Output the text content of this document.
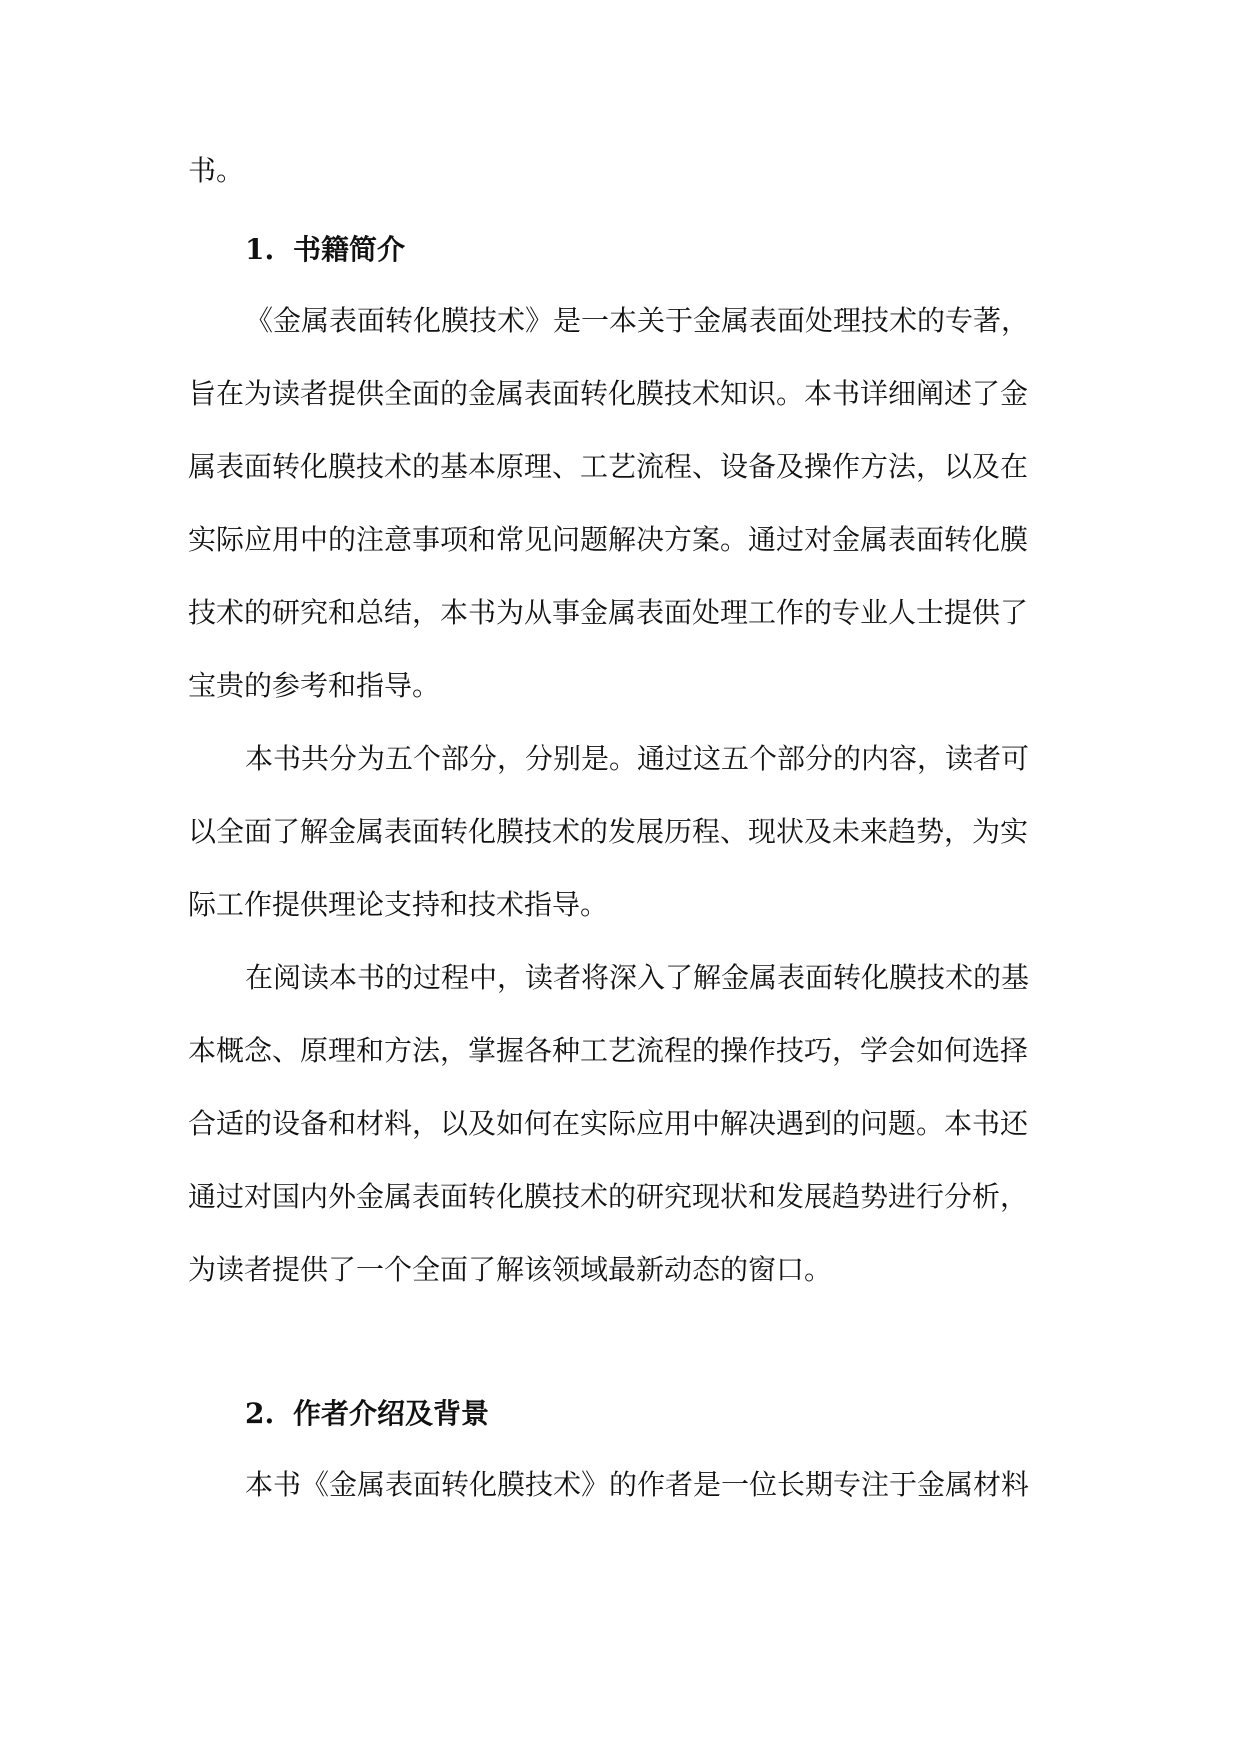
书。

1. 书籍简介

《金属表面转化膜技术》是一本关于金属表面处理技术的专著，
旨在为读者提供全面的金属表面转化膜技术知识。本书详细阐述了金
属表面转化膜技术的基本原理、工艺流程、设备及操作方法，以及在
实际应用中的注意事项和常见问题解决方案。通过对金属表面转化膜
技术的研究和总结，本书为从事金属表面处理工作的专业人士提供了
宝贵的参考和指导。

本书共分为五个部分，分别是。通过这五个部分的内容，读者可
以全面了解金属表面转化膜技术的发展历程、现状及未来趋势，为实
际工作提供理论支持和技术指导。

在阅读本书的过程中，读者将深入了解金属表面转化膜技术的基
本概念、原理和方法，掌握各种工艺流程的操作技巧，学会如何选择
合适的设备和材料，以及如何在实际应用中解决遇到的问题。本书还
通过对国内外金属表面转化膜技术的研究现状和发展趋势进行分析，
为读者提供了一个全面了解该领域最新动态的窗口。

2. 作者介绍及背景

本书《金属表面转化膜技术》的作者是一位长期专注于金属材料
